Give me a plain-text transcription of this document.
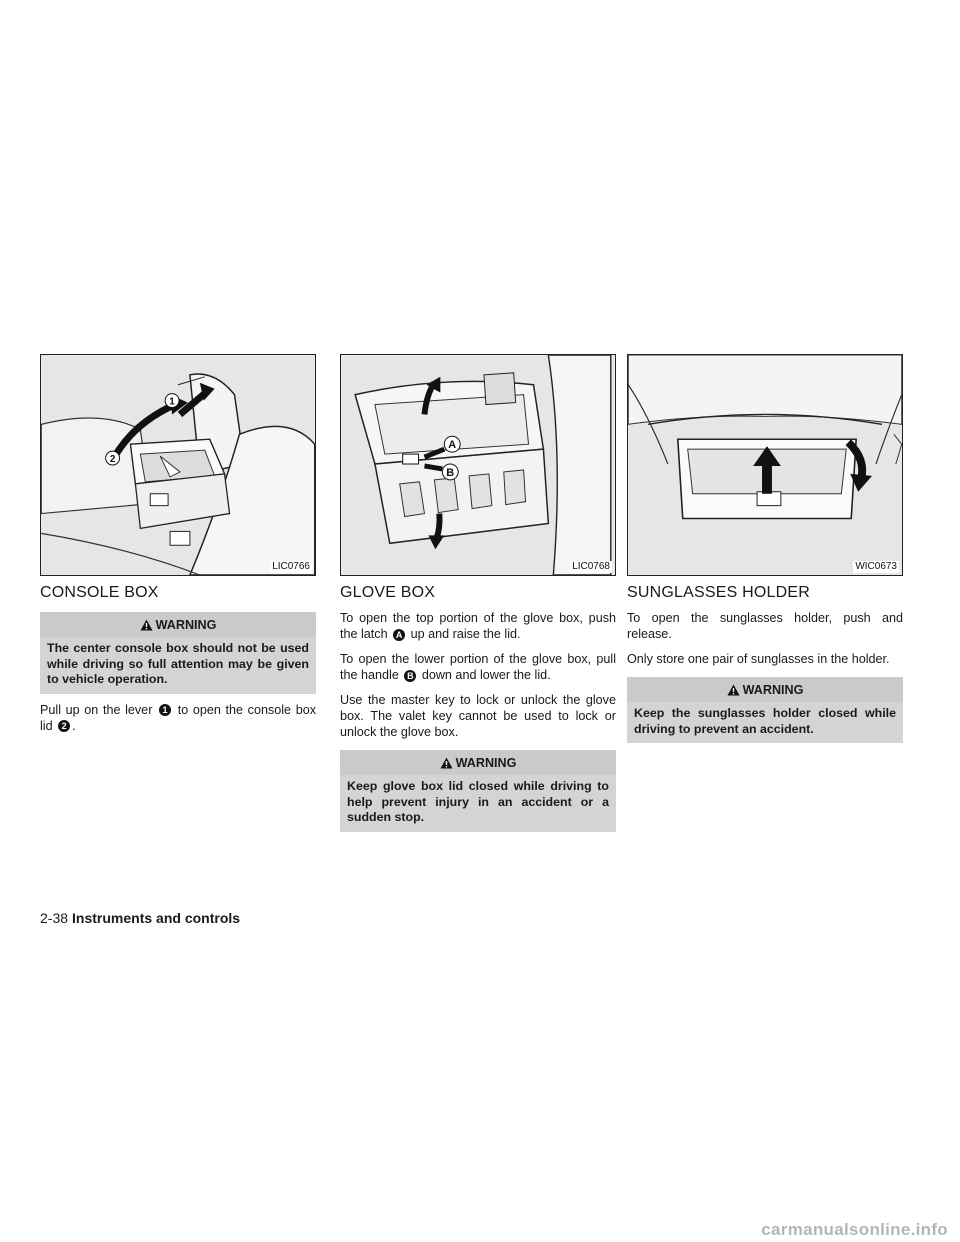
1
2
LIC0766
CONSOLE BOX
WARNING
The center console box should not be used while driving so full attention may be given to vehicle operation.

Pull up on the lever 1 to open the console box lid 2 .

A
B
LIC0768
GLOVE BOX

To open the top portion of the glove box, push the latch A up and raise the lid.

To open the lower portion of the glove box, pull the handle B down and lower the lid.

Use the master key to lock or unlock the glove box. The valet key cannot be used to lock or unlock the glove box.

WARNING
Keep glove box lid closed while driving to help prevent injury in an accident or a sudden stop.
WIC0673
SUNGLASSES HOLDER

To open the sunglasses holder, push and release.

Only store one pair of sunglasses in the holder.

WARNING
Keep the sunglasses holder closed while driving to prevent an accident.
2-38 Instruments and controls
carmanualsonline.info
